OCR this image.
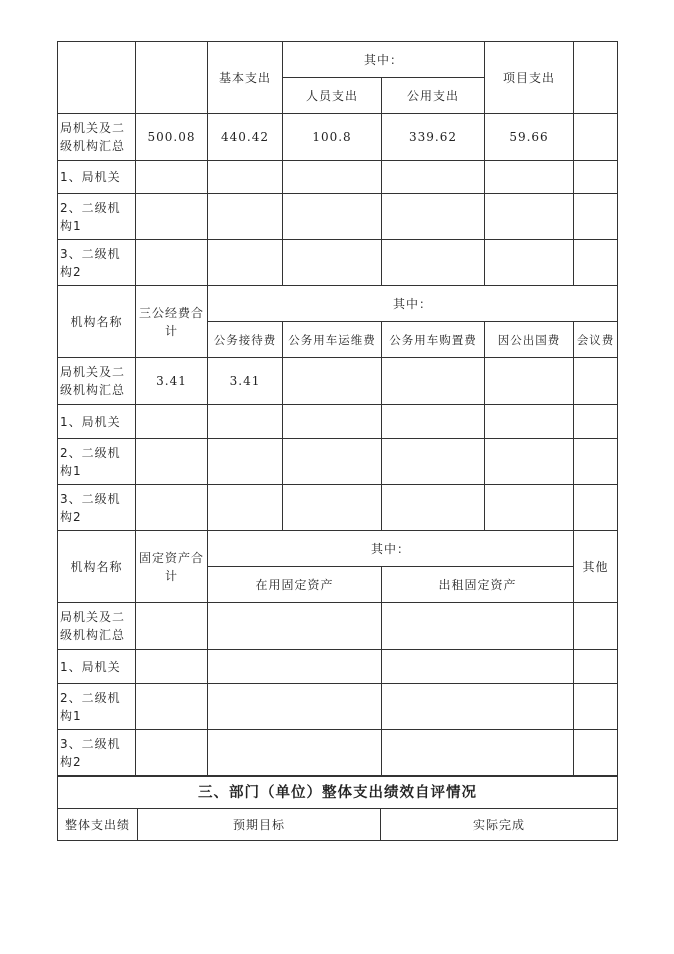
		基本支出	其中：		项目支出	
			人员支出	公用支出		
局机关及二级机构汇总	500.08	440.42	100.8	339.62	59.66	
1、局机关						
2、二级机构1						
3、二级机构2						
机构名称	三公经费合计	其中：				
		公务接待费	公务用车运维费	公务用车购置费	因公出国费	会议费
局机关及二级机构汇总	3.41	3.41				
1、局机关						
2、二级机构1						
3、二级机构2						
机构名称	固定资产合计	其中：		其他
		在用固定资产	出租固定资产	
局机关及二级机构汇总				
1、局机关				
2、二级机构1				
3、二级机构2				
三、部门（单位）整体支出绩效自评情况
整体支出绩	预期目标	实际完成
